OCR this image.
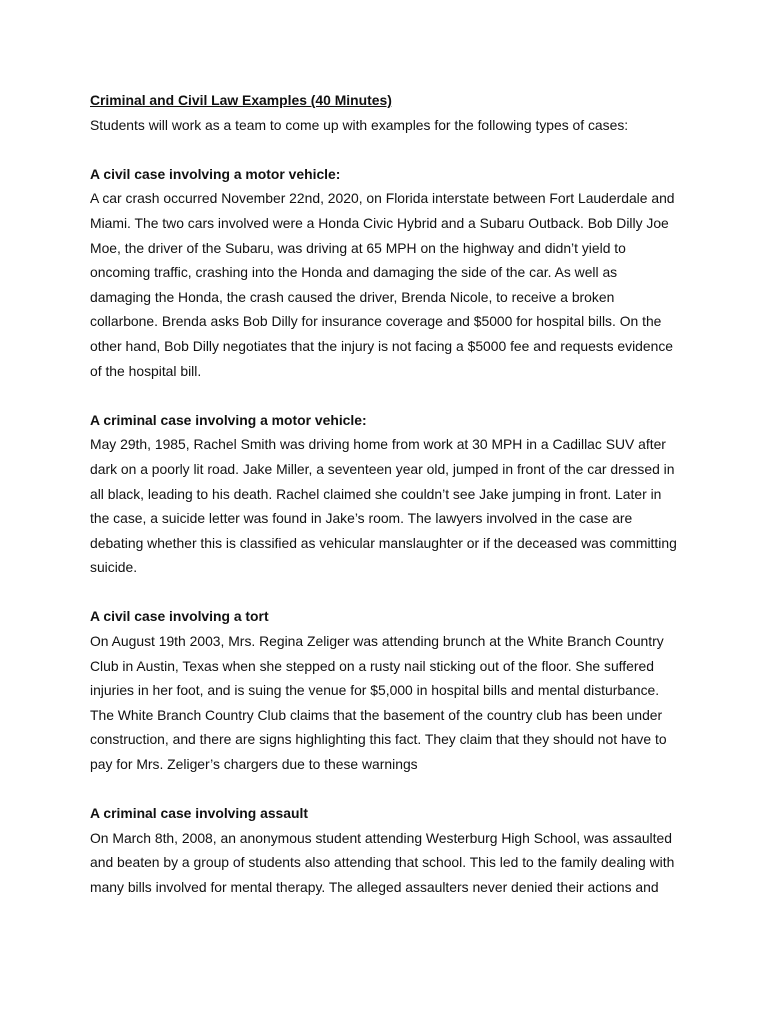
Criminal and Civil Law Examples (40 Minutes)

Students will work as a team to come up with examples for the following types of cases:

A civil case involving a motor vehicle:

A car crash occurred November 22nd, 2020, on Florida interstate between Fort Lauderdale and Miami. The two cars involved were a Honda Civic Hybrid and a Subaru Outback. Bob Dilly Joe Moe, the driver of the Subaru, was driving at 65 MPH on the highway and didn’t yield to oncoming traffic, crashing into the Honda and damaging the side of the car. As well as damaging the Honda, the crash caused the driver, Brenda Nicole, to receive a broken collarbone. Brenda asks Bob Dilly for insurance coverage and $5000 for hospital bills. On the other hand, Bob Dilly negotiates that the injury is not facing a $5000 fee and requests evidence of the hospital bill.

A criminal case involving a motor vehicle:

May 29th, 1985, Rachel Smith was driving home from work at 30 MPH in a Cadillac SUV after dark on a poorly lit road. Jake Miller, a seventeen year old, jumped in front of the car dressed in all black, leading to his death. Rachel claimed she couldn’t see Jake jumping in front. Later in the case, a suicide letter was found in Jake’s room. The lawyers involved in the case are debating whether this is classified as vehicular manslaughter or if the deceased was committing suicide.

A civil case involving a tort

On August 19th 2003, Mrs. Regina Zeliger was attending brunch at the White Branch Country Club in Austin, Texas when she stepped on a rusty nail sticking out of the floor. She suffered injuries in her foot, and is suing the venue for $5,000 in hospital bills and mental disturbance. The White Branch Country Club claims that the basement of the country club has been under construction, and there are signs highlighting this fact. They claim that they should not have to pay for Mrs. Zeliger’s chargers due to these warnings

A criminal case involving assault

On March 8th, 2008, an anonymous student attending Westerburg High School, was assaulted and beaten by a group of students also attending that school. This led to the family dealing with many bills involved for mental therapy. The alleged assaulters never denied their actions and
